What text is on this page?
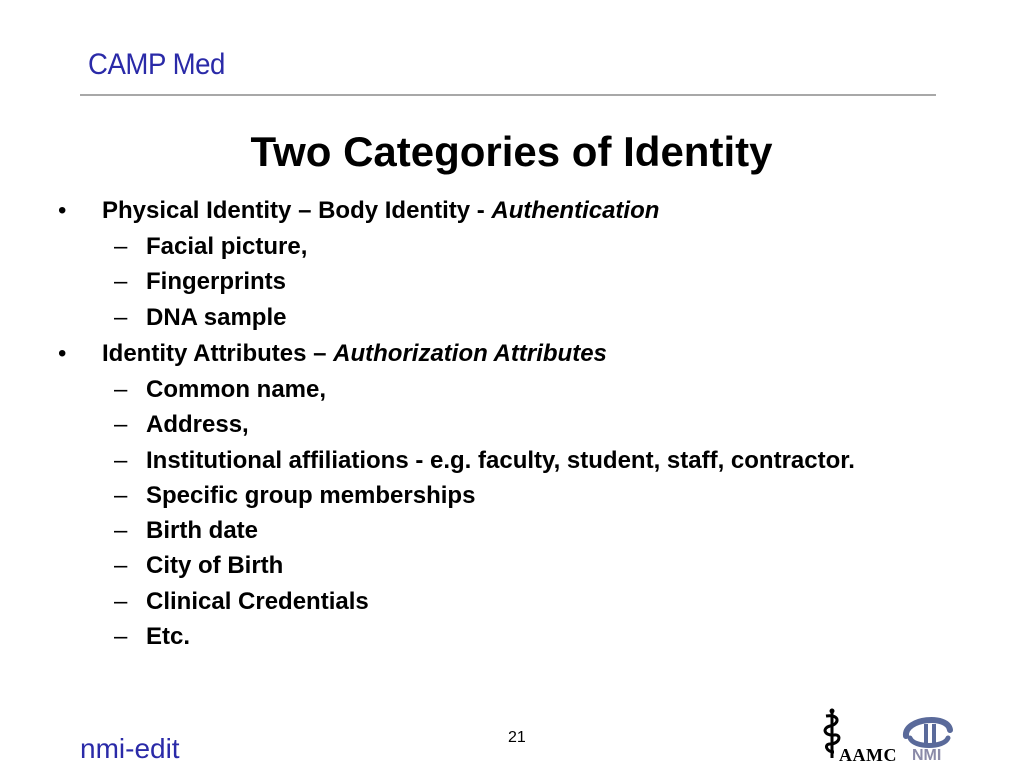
CAMP Med
Two Categories of Identity
• Physical Identity – Body Identity - Authentication
– Facial picture,
– Fingerprints
– DNA sample
• Identity Attributes – Authorization Attributes
– Common name,
– Address,
– Institutional affiliations - e.g. faculty, student, staff, contractor.
– Specific group memberships
– Birth date
– City of Birth
– Clinical Credentials
– Etc.
21
nmi-edit	AAMC NMI
